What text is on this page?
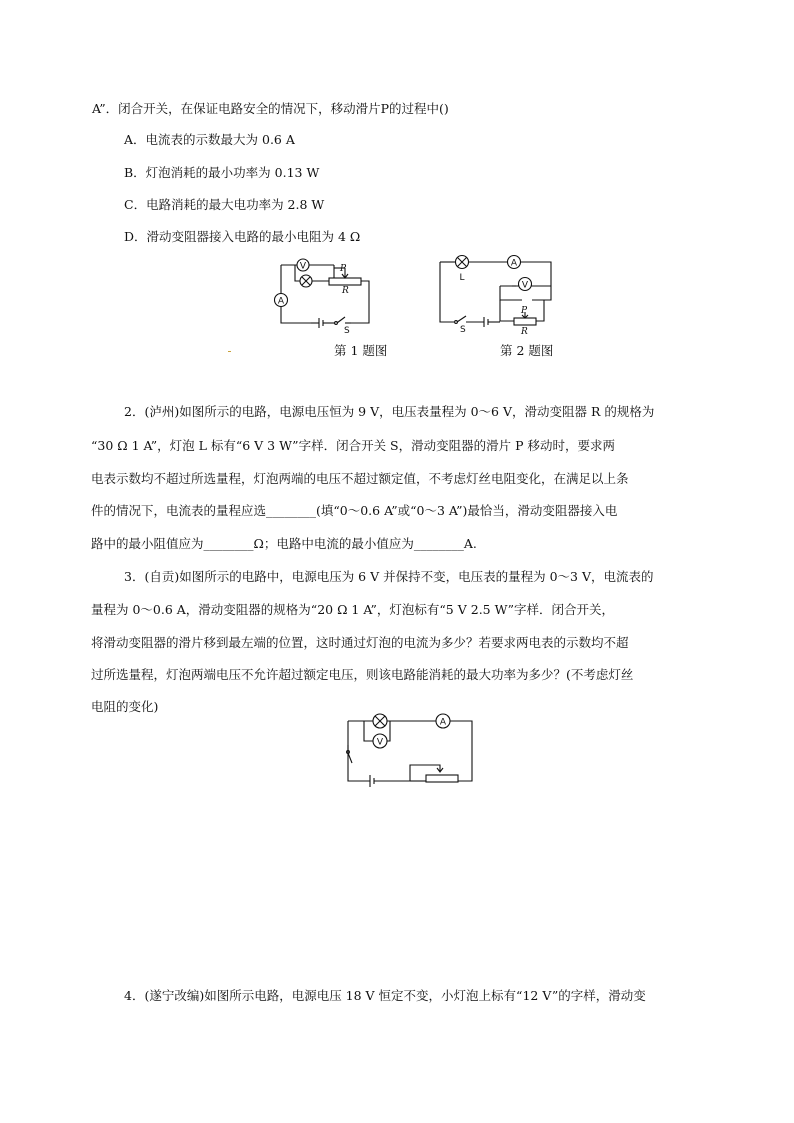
A”．闭合开关，在保证电路安全的情况下，移动滑片P的过程中()
A．电流表的示数最大为 0.6 A
B．灯泡消耗的最小功率为 0.13 W
C．电路消耗的最大电功率为 2.8 W
D．滑动变阻器接入电路的最小电阻为 4 Ω
V
A
P
R
S
第 1 题图
L
A
V
P
R
S
第 2 题图
2．(泸州)如图所示的电路，电源电压恒为 9 V，电压表量程为 0～6 V，滑动变阻器 R 的规格为
“30 Ω 1 A”，灯泡 L 标有“6 V 3 W”字样．闭合开关 S，滑动变阻器的滑片 P 移动时，要求两
电表示数均不超过所选量程，灯泡两端的电压不超过额定值，不考虑灯丝电阻变化，在满足以上条
件的情况下，电流表的量程应选________(填“0～0.6 A”或“0～3 A”)最恰当，滑动变阻器接入电
路中的最小阻值应为________Ω；电路中电流的最小值应为________A.
3．(自贡)如图所示的电路中，电源电压为 6 V 并保持不变，电压表的量程为 0～3 V，电流表的
量程为 0～0.6 A，滑动变阻器的规格为“20 Ω 1 A”，灯泡标有“5 V 2.5 W”字样．闭合开关，
将滑动变阻器的滑片移到最左端的位置，这时通过灯泡的电流为多少？若要求两电表的示数均不超
过所选量程，灯泡两端电压不允许超过额定电压，则该电路能消耗的最大功率为多少？(不考虑灯丝
电阻的变化)
V
A
4．(遂宁改编)如图所示电路，电源电压 18 V 恒定不变，小灯泡上标有“12 V”的字样，滑动变
